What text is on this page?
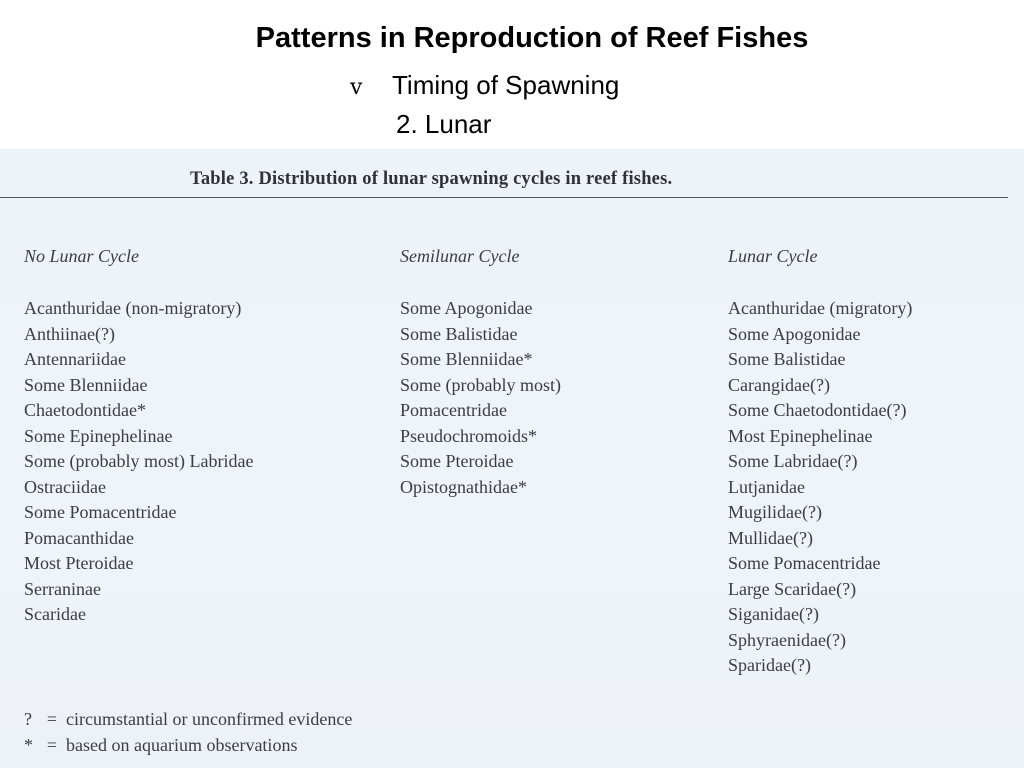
Patterns in Reproduction of Reef Fishes
v Timing of Spawning
2. Lunar
Table 3. Distribution of lunar spawning cycles in reef fishes.
No Lunar Cycle
Acanthuridae (non-migratory)
Anthiinae(?)
Antennariidae
Some Blenniidae
Chaetodontidae*
Some Epinephelinae
Some (probably most) Labridae
Ostraciidae
Some Pomacentridae
Pomacanthidae
Most Pteroidae
Serraninae
Scaridae
Semilunar Cycle
Some Apogonidae
Some Balistidae
Some Blenniidae*
Some (probably most)
Pomacentridae
Pseudochromoids*
Some Pteroidae
Opistognathidae*
Lunar Cycle
Acanthuridae (migratory)
Some Apogonidae
Some Balistidae
Carangidae(?)
Some Chaetodontidae(?)
Most Epinephelinae
Some Labridae(?)
Lutjanidae
Mugilidae(?)
Mullidae(?)
Some Pomacentridae
Large Scaridae(?)
Siganidae(?)
Sphyraenidae(?)
Sparidae(?)
? = circumstantial or unconfirmed evidence
* = based on aquarium observations
